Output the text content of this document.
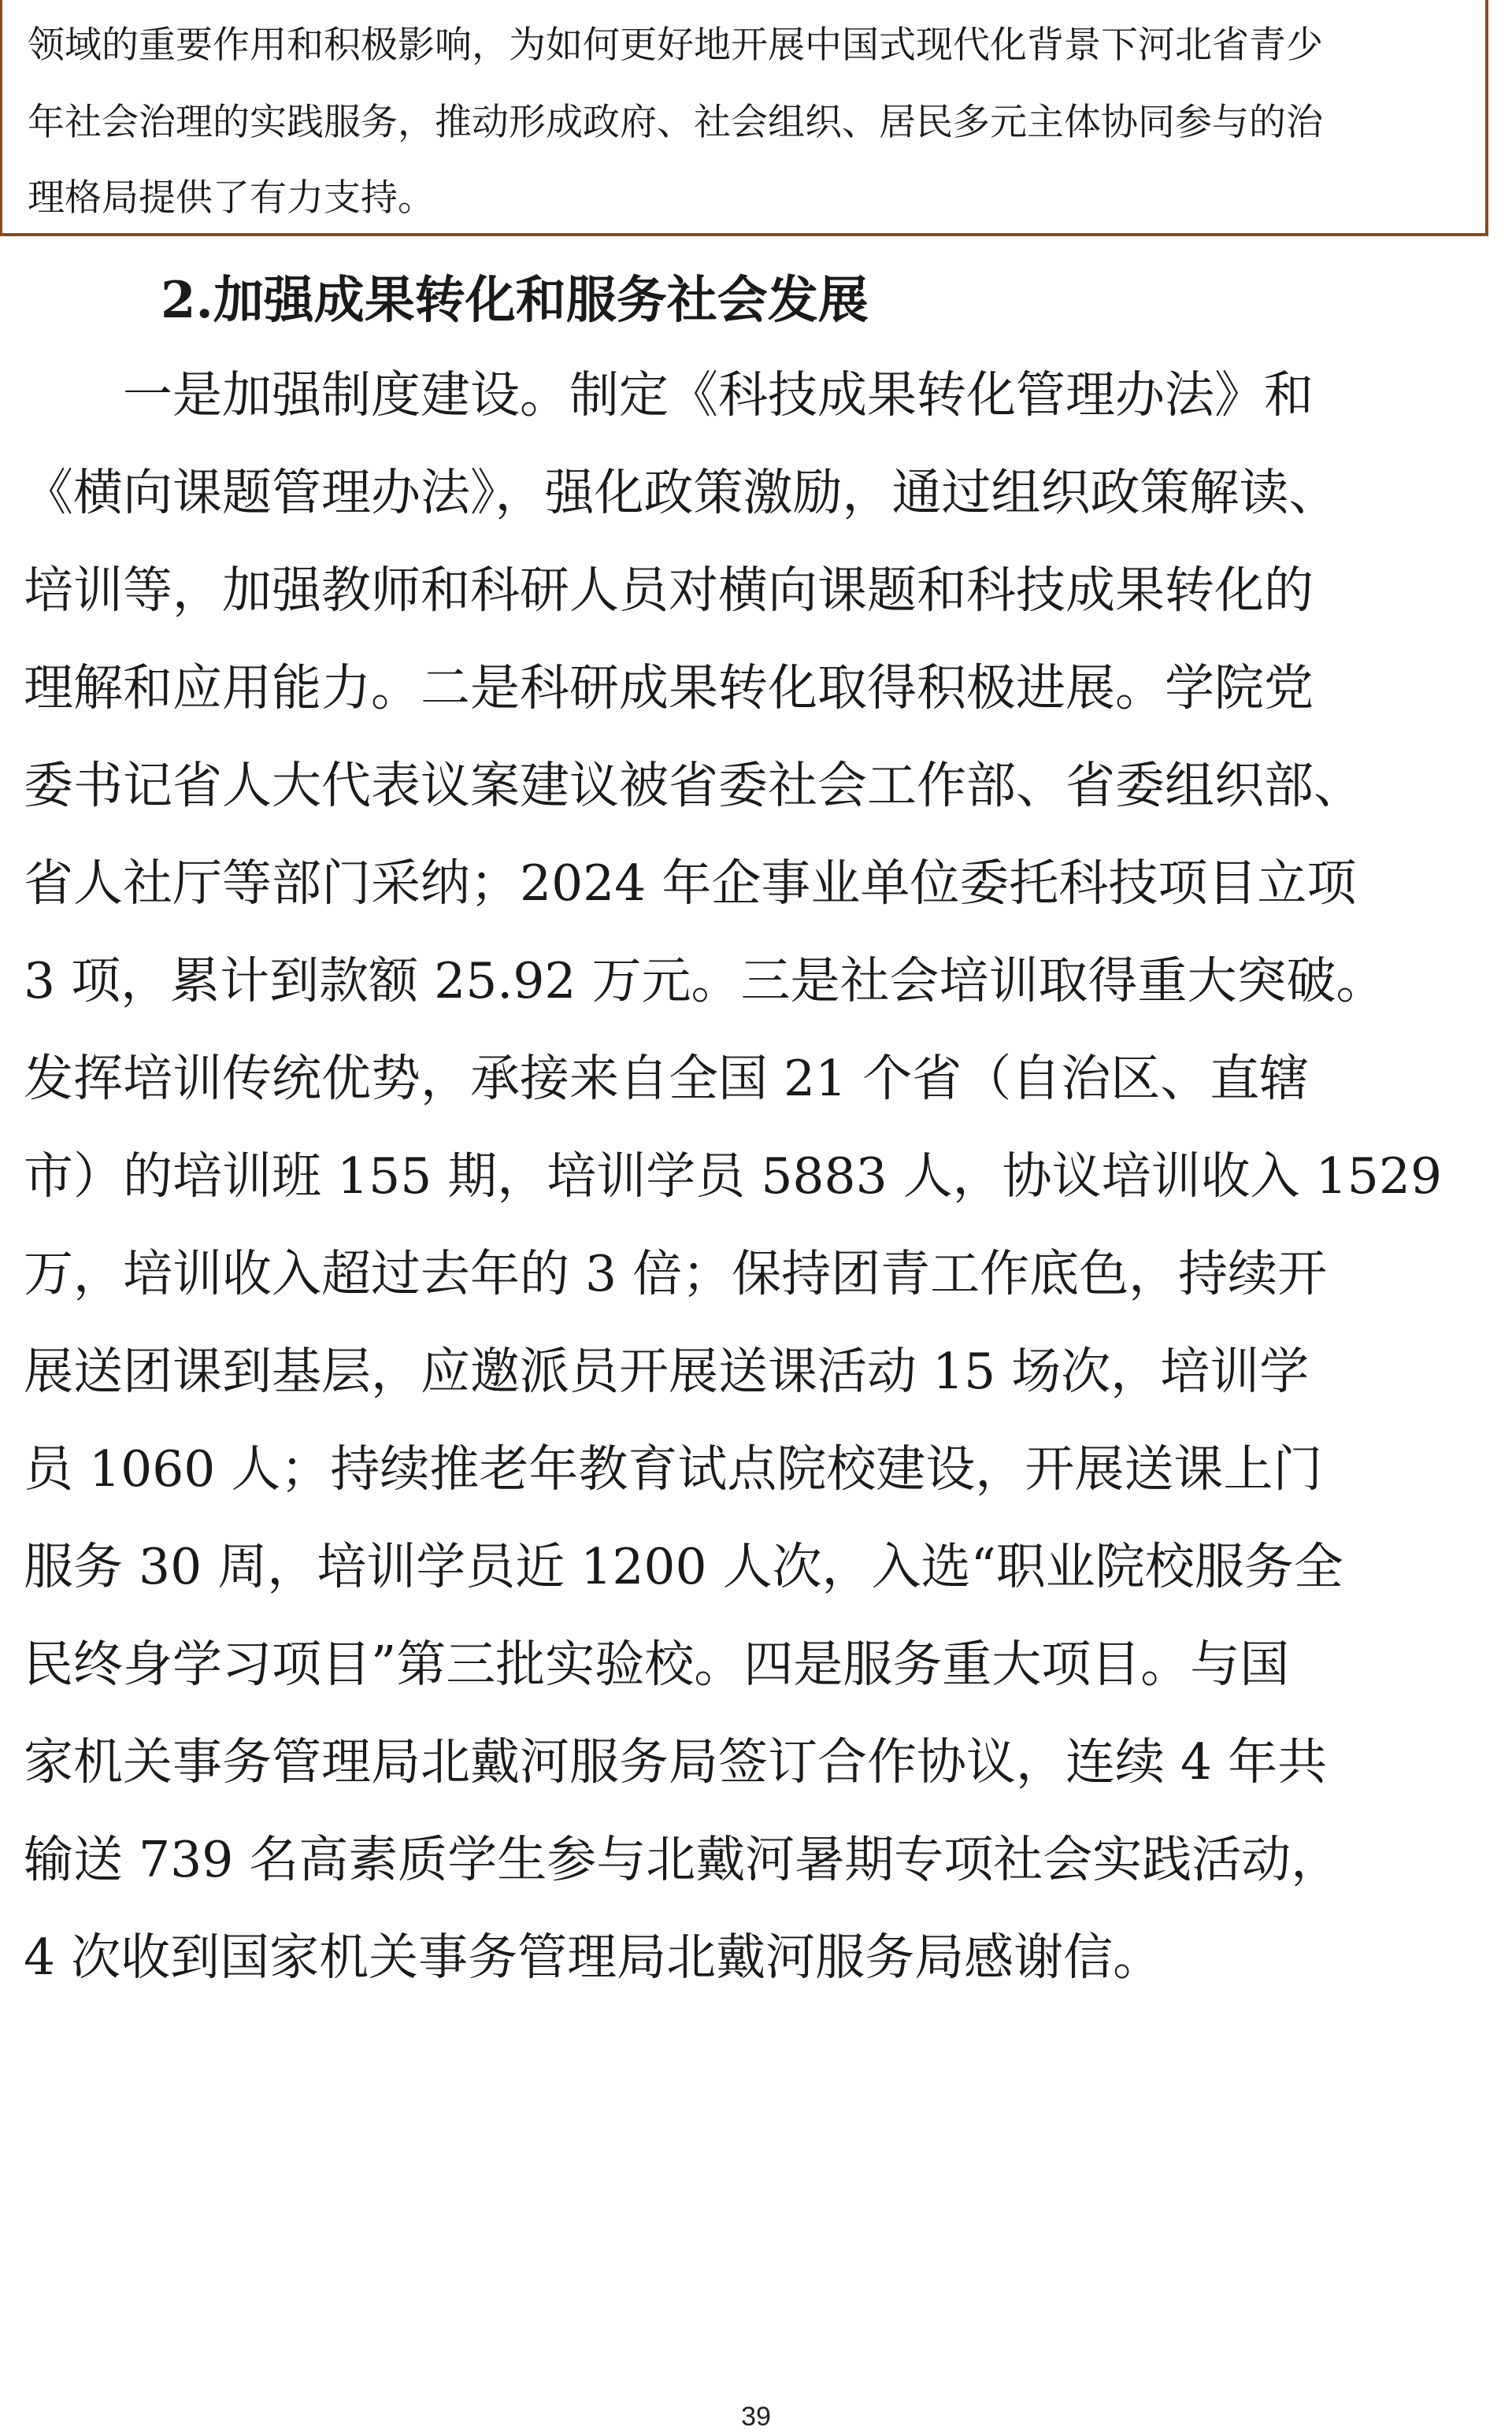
领域的重要作用和积极影响，为如何更好地开展中国式现代化背景下河北省青少
年社会治理的实践服务，推动形成政府、社会组织、居民多元主体协同参与的治
理格局提供了有力支持。
2.加强成果转化和服务社会发展
　　一是加强制度建设。制定《科技成果转化管理办法》和
《横向课题管理办法》，强化政策激励，通过组织政策解读、
培训等，加强教师和科研人员对横向课题和科技成果转化的
理解和应用能力。二是科研成果转化取得积极进展。学院党
委书记省人大代表议案建议被省委社会工作部、省委组织部、
省人社厅等部门采纳；2024 年企事业单位委托科技项目立项
3 项，累计到款额 25.92 万元。三是社会培训取得重大突破。
发挥培训传统优势，承接来自全国 21 个省（自治区、直辖
市）的培训班 155 期，培训学员 5883 人，协议培训收入 1529
万，培训收入超过去年的 3 倍；保持团青工作底色，持续开
展送团课到基层，应邀派员开展送课活动 15 场次，培训学
员 1060 人；持续推老年教育试点院校建设，开展送课上门
服务 30 周，培训学员近 1200 人次，入选“职业院校服务全
民终身学习项目”第三批实验校。四是服务重大项目。与国
家机关事务管理局北戴河服务局签订合作协议，连续 4 年共
输送 739 名高素质学生参与北戴河暑期专项社会实践活动，
4 次收到国家机关事务管理局北戴河服务局感谢信。
39
